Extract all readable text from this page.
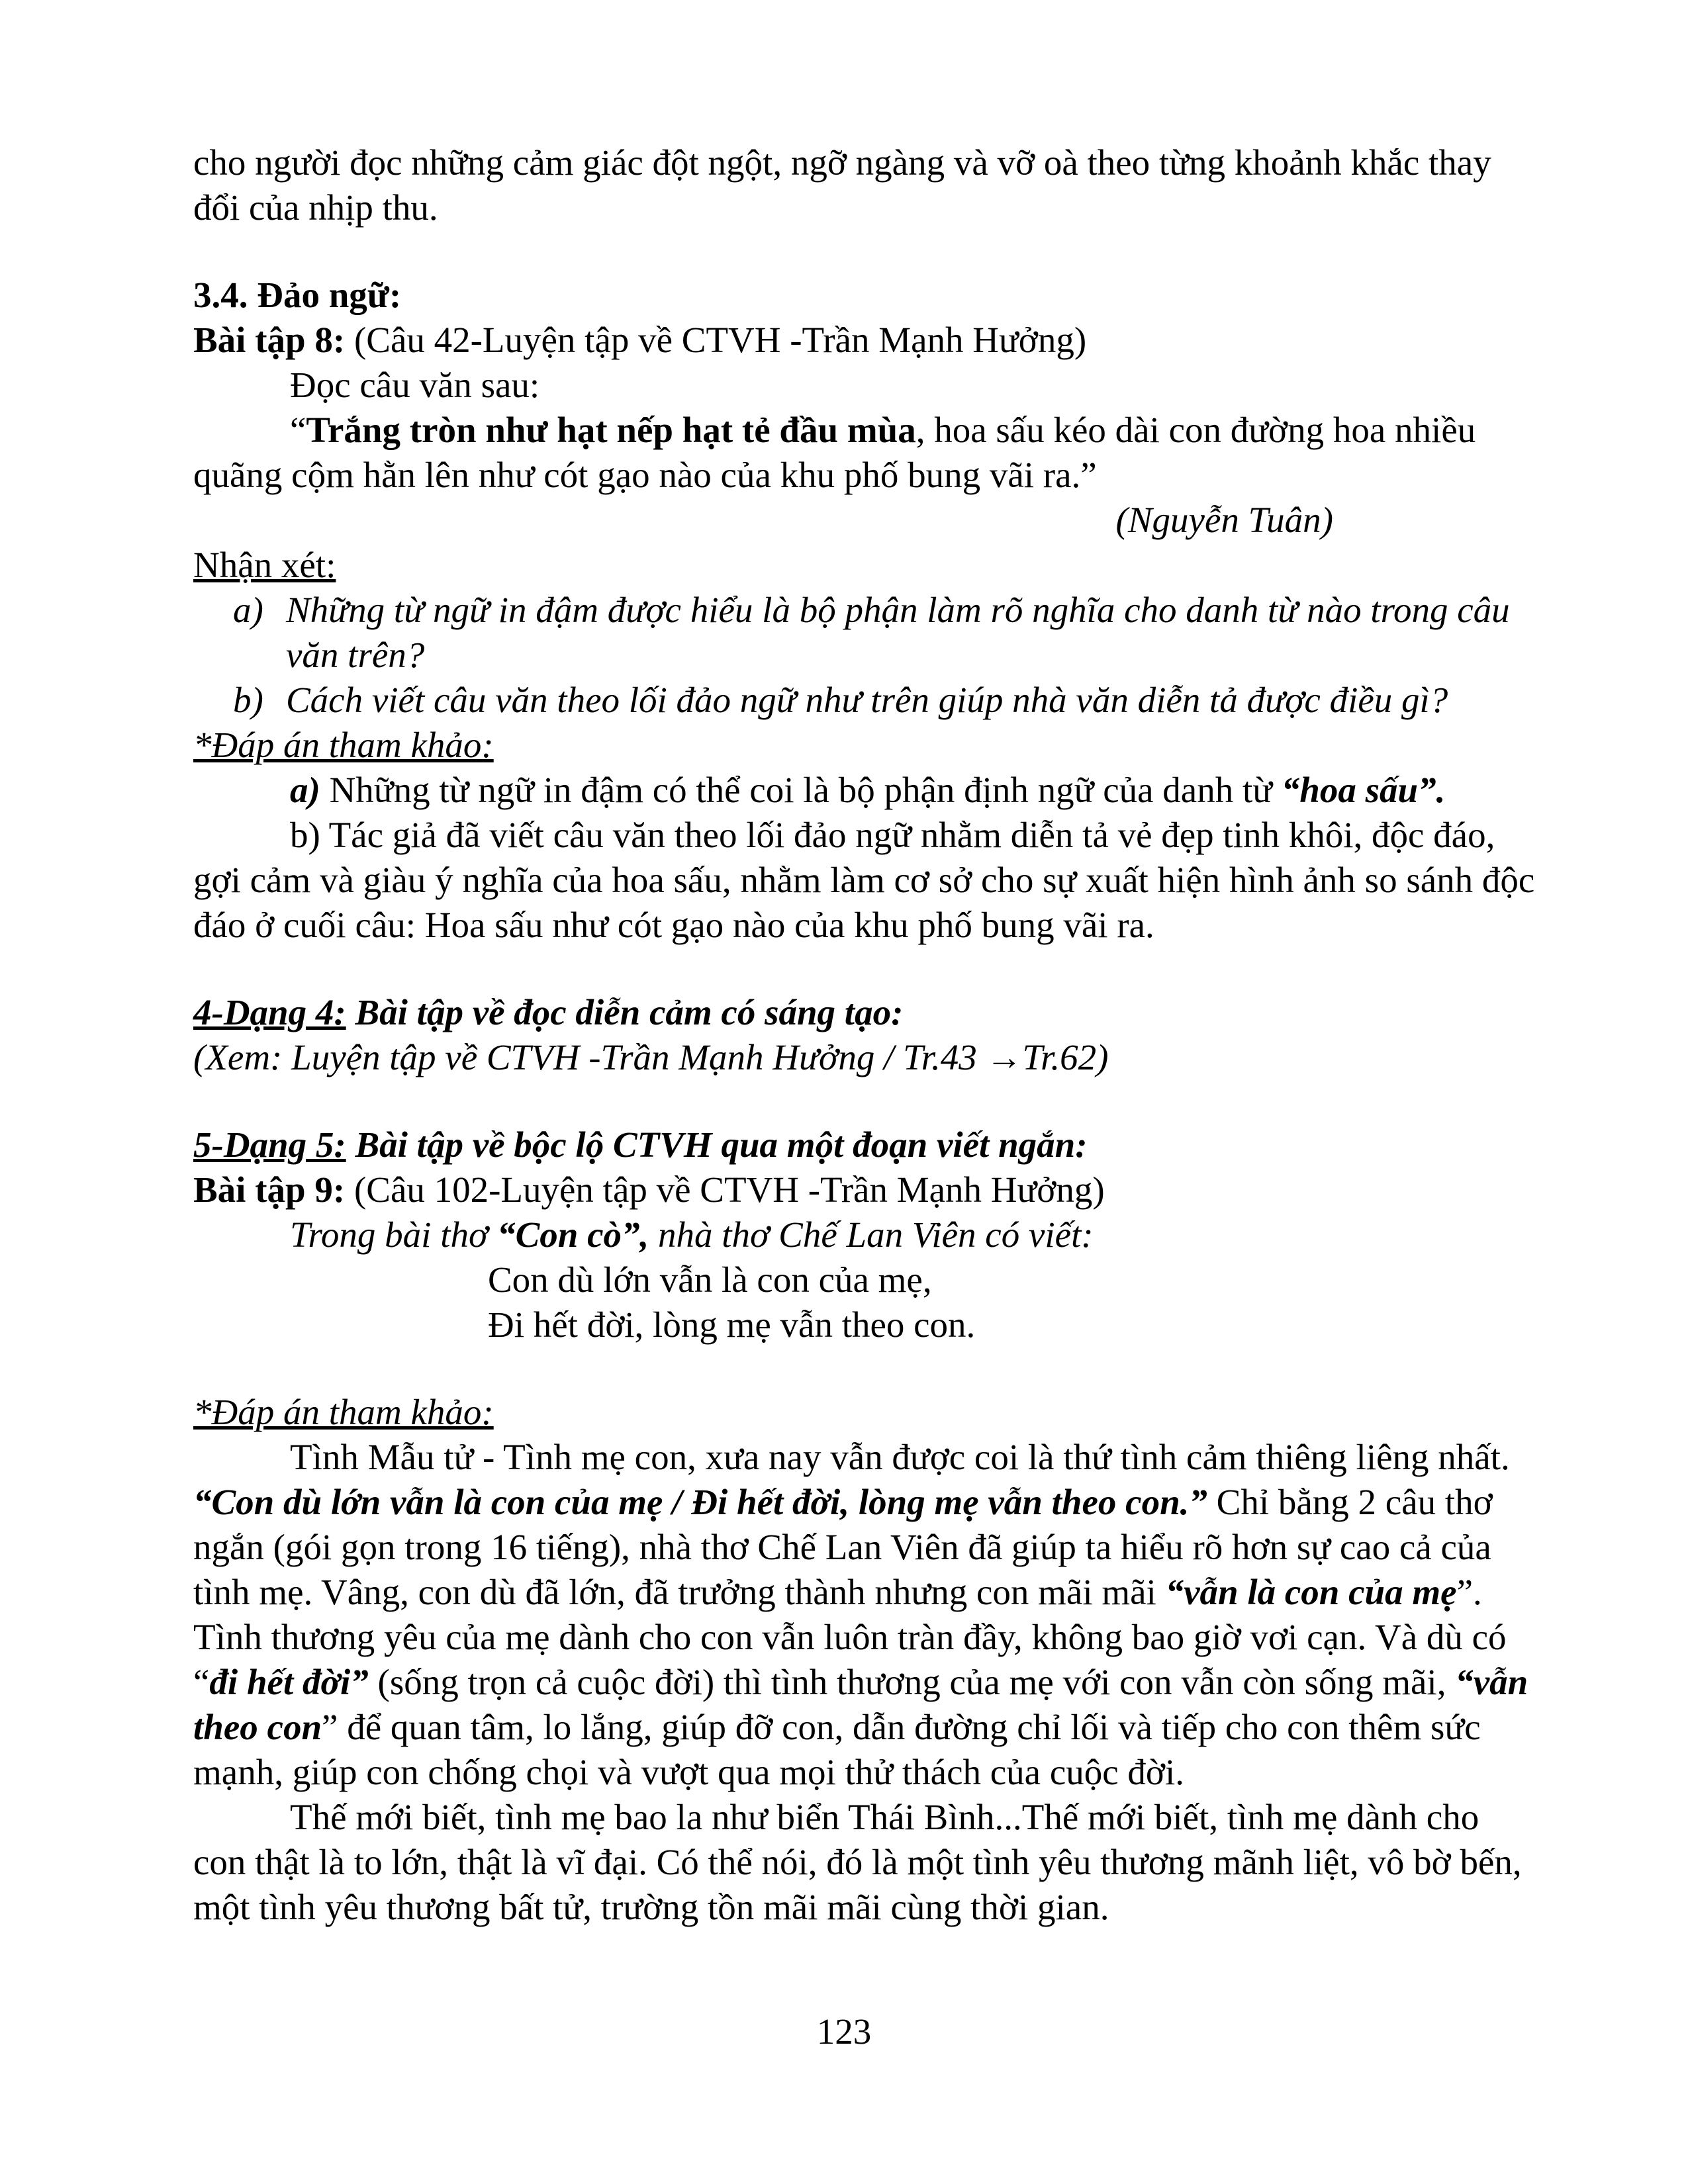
cho người đọc những cảm giác đột ngột, ngỡ ngàng và vỡ oà theo từng khoảnh khắc thay đổi của nhịp thu.

3.4. Đảo ngữ:

Bài tập 8: (Câu 42-Luyện tập về CTVH -Trần Mạnh Hưởng)

Đọc câu văn sau:

“Trắng tròn như hạt nếp hạt tẻ đầu mùa, hoa sấu kéo dài con đường hoa nhiều quãng cộm hằn lên như cót gạo nào của khu phố bung vãi ra.”

(Nguyễn Tuân)

Nhận xét:

a) Những từ ngữ in đậm được hiểu là bộ phận làm rõ nghĩa cho danh từ nào trong câu văn trên?
b) Cách viết câu văn theo lối đảo ngữ như trên giúp nhà văn diễn tả được điều gì?

*Đáp án tham khảo:

a) Những từ ngữ in đậm có thể coi là bộ phận định ngữ của danh từ “hoa sấu”.

b) Tác giả đã viết câu văn theo lối đảo ngữ nhằm diễn tả vẻ đẹp tinh khôi, độc đáo, gợi cảm và giàu ý nghĩa của hoa sấu, nhằm làm cơ sở cho sự xuất hiện hình ảnh so sánh độc đáo ở cuối câu: Hoa sấu như cót gạo nào của khu phố bung vãi ra.

4-Dạng 4: Bài tập về đọc diễn cảm có sáng tạo:

(Xem: Luyện tập về CTVH -Trần Mạnh Hưởng / Tr.43 →Tr.62)

5-Dạng 5: Bài tập về bộc lộ CTVH qua một đoạn viết ngắn:

Bài tập 9: (Câu 102-Luyện tập về CTVH -Trần Mạnh Hưởng)

Trong bài thơ “Con cò”, nhà thơ Chế Lan Viên có viết:

Con dù lớn vẫn là con của mẹ,

Đi hết đời, lòng mẹ vẫn theo con.

*Đáp án tham khảo:

Tình Mẫu tử - Tình mẹ con, xưa nay vẫn được coi là thứ tình cảm thiêng liêng nhất. “Con dù lớn vẫn là con của mẹ / Đi hết đời, lòng mẹ vẫn theo con.” Chỉ bằng 2 câu thơ ngắn (gói gọn trong 16 tiếng), nhà thơ Chế Lan Viên đã giúp ta hiểu rõ hơn sự cao cả của tình mẹ. Vâng, con dù đã lớn, đã trưởng thành nhưng con mãi mãi “vẫn là con của mẹ”. Tình thương yêu của mẹ dành cho con vẫn luôn tràn đầy, không bao giờ vơi cạn. Và dù có “đi hết đời” (sống trọn cả cuộc đời) thì tình thương của mẹ với con vẫn còn sống mãi, “vẫn theo con” để quan tâm, lo lắng, giúp đỡ con, dẫn đường chỉ lối và tiếp cho con thêm sức mạnh, giúp con chống chọi và vượt qua mọi thử thách của cuộc đời.

Thế mới biết, tình mẹ bao la như biển Thái Bình...Thế mới biết, tình mẹ dành cho con thật là to lớn, thật là vĩ đại. Có thể nói, đó là một tình yêu thương mãnh liệt, vô bờ bến, một tình yêu thương bất tử, trường tồn mãi mãi cùng thời gian.

123
